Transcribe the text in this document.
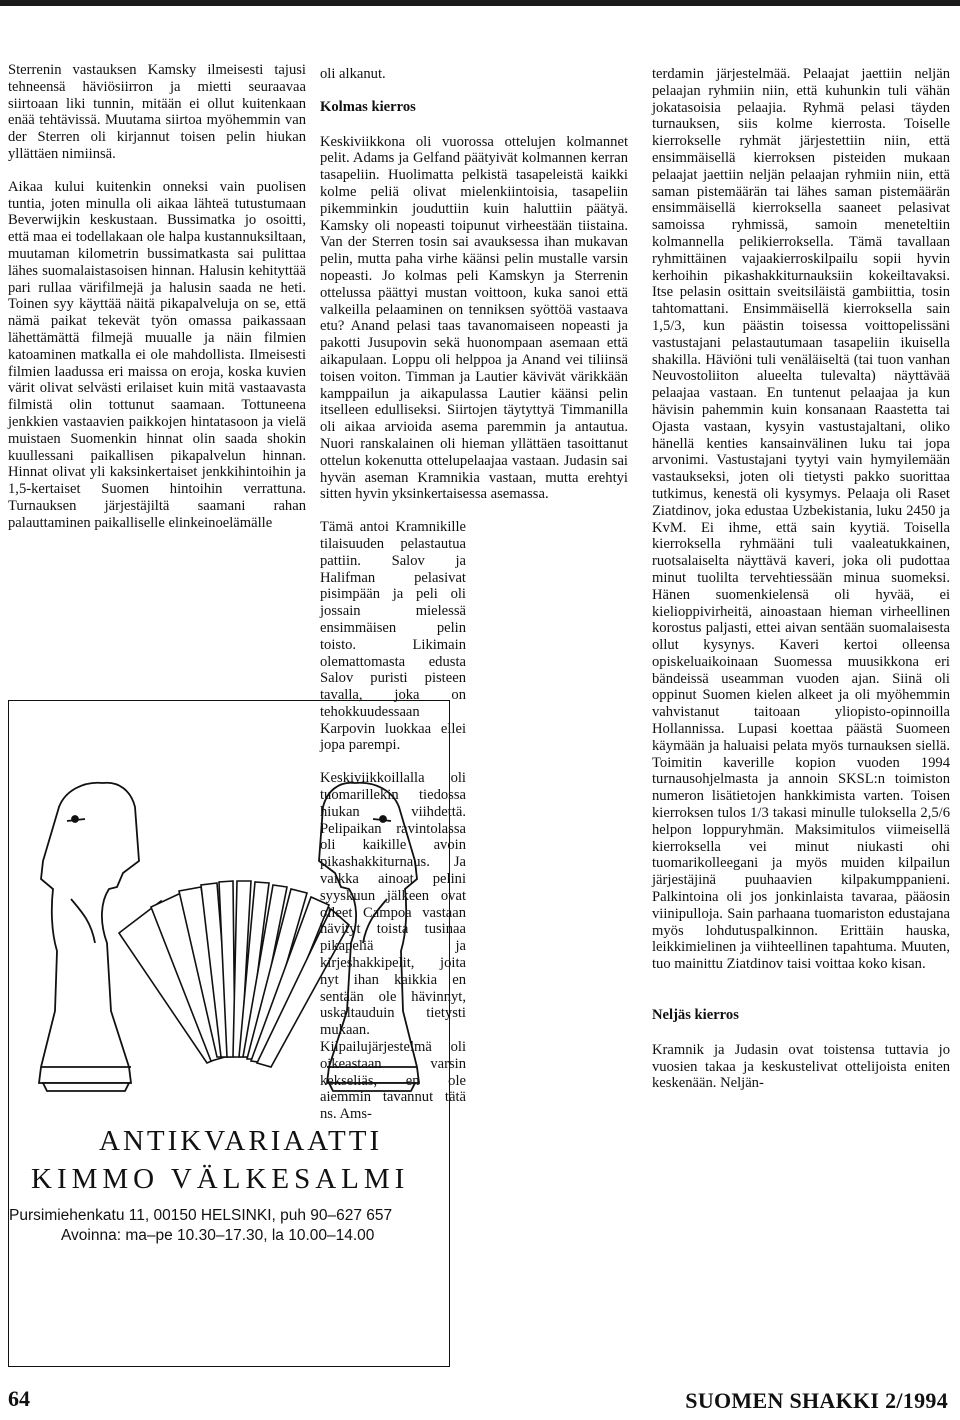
Sterrenin vastauksen Kamsky ilmeisesti tajusi tehneensä häviösiirron ja mietti seuraavaa siirtoaan liki tunnin, mitään ei ollut kuitenkaan enää tehtävissä. Muutama siirtoa myöhemmin van der Sterren oli kirjannut toisen pelin hiukan yllättäen nimiinsä.

Aikaa kului kuitenkin onneksi vain puolisen tuntia, joten minulla oli aikaa lähteä tutustumaan Beverwijkin keskustaan. Bussimatka jo osoitti, että maa ei todellakaan ole halpa kustannuksiltaan, muutaman kilometrin bussimatkasta sai pulittaa lähes suomalaistasoisen hinnan. Halusin kehityttää pari rullaa värifilmejä ja halusin saada ne heti. Toinen syy käyttää näitä pikapalveluja on se, että nämä paikat tekevät työn omassa paikassaan lähettämättä filmejä muualle ja näin filmien katoaminen matkalla ei ole mahdollista. Ilmeisesti filmien laadussa eri maissa on eroja, koska kuvien värit olivat selvästi erilaiset kuin mitä vastaavasta filmistä olin tottunut saamaan. Tottuneena jenkkien vastaavien paikkojen hintatasoon ja vielä muistaen Suomenkin hinnat olin saada shokin kuullessani paikallisen pikapalvelun hinnan. Hinnat olivat yli kaksinkertaiset jenkkihintoihin ja 1,5-kertaiset Suomen hintoihin verrattuna. Turnauksen järjestäjiltä saamani rahan palauttaminen paikalliselle elinkeinoelämälle

ANTIKVARIAATTI
KIMMO VÄLKESALMI
Pursimiehenkatu 11, 00150 HELSINKI, puh 90–627 657
Avoinna: ma–pe 10.30–17.30, la 10.00–14.00

oli alkanut.

Kolmas kierros

Keskiviikkona oli vuorossa ottelujen kolmannet pelit. Adams ja Gelfand päätyivät kolmannen kerran tasapeliin. Huolimatta pelkistä tasapeleistä kaikki kolme peliä olivat mielenkiintoisia, tasapeliin pikemminkin jouduttiin kuin haluttiin päätyä. Kamsky oli nopeasti toipunut virheestään tiistaina. Van der Sterren tosin sai avauksessa ihan mukavan pelin, mutta paha virhe käänsi pelin mustalle varsin nopeasti. Jo kolmas peli Kamskyn ja Sterrenin ottelussa päättyi mustan voittoon, kuka sanoi että valkeilla pelaaminen on tenniksen syöttöä vastaava etu? Anand pelasi taas tavanomaiseen nopeasti ja pakotti Jusupovin sekä huonompaan asemaan että aikapulaan. Loppu oli helppoa ja Anand vei tiliinsä toisen voiton. Timman ja Lautier kävivät värikkään kamppailun ja aikapulassa Lautier käänsi pelin itselleen edulliseksi. Siirtojen täytyttyä Timmanilla oli aikaa arvioida asema paremmin ja antautua. Nuori ranskalainen oli hieman yllättäen tasoittanut ottelun kokenutta ottelupelaajaa vastaan. Judasin sai hyvän aseman Kramnikia vastaan, mutta erehtyi sitten hyvin yksinkertaisessa asemassa.

Tämä antoi Kramnikille tilaisuuden pelastautua pattiin. Salov ja Halifman pelasivat pisimpään ja peli oli jossain mielessä ensimmäisen pelin toisto. Likimain olemattomasta edusta Salov puristi pisteen tavalla, joka on tehokkuudessaan Karpovin luokkaa ellei jopa parempi.

Keskiviikkoillalla oli tuomarillekin tiedossa hiukan viihdettä. Pelipaikan ravintolassa oli kaikille avoin pikashakkiturnaus. Ja vaikka ainoat pelini syyskuun jälkeen ovat olleet Campoa vastaan hävityt toista tusinaa pikapeliä ja kirjeshakkipelit, joita nyt ihan kaikkia en sentään ole hävinnyt, uskaltauduin tietysti mukaan. Kilpailujärjestelmä oli oikeastaan varsin kekseliäs, en ole aiemmin tavannut tätä ns. Ams-

terdamin järjestelmää. Pelaajat jaettiin neljän pelaajan ryhmiin niin, että kuhunkin tuli vähän jokatasoisia pelaajia. Ryhmä pelasi täyden turnauksen, siis kolme kierrosta. Toiselle kierrokselle ryhmät järjestettiin niin, että ensimmäisellä kierroksen pisteiden mukaan pelaajat jaettiin neljän pelaajan ryhmiin niin, että saman pistemäärän tai lähes saman pistemäärän ensimmäisellä kierroksella saaneet pelasivat samoissa ryhmissä, samoin meneteltiin kolmannella pelikierroksella. Tämä tavallaan ryhmittäinen vajaakierroskilpailu sopii hyvin kerhoihin pikashakkiturnauksiin kokeiltavaksi. Itse pelasin osittain sveitsiläistä gambiittia, tosin tahtomattani. Ensimmäisellä kierroksella sain 1,5/3, kun päästin toisessa voittopelissäni vastustajani pelastautumaan tasapeliin ikuisella shakilla. Häviöni tuli venäläiseltä (tai tuon vanhan Neuvostoliiton alueelta tulevalta) näyttävää pelaajaa vastaan. En tuntenut pelaajaa ja kun hävisin pahemmin kuin konsanaan Raastetta tai Ojasta vastaan, kysyin vastustajaltani, oliko hänellä kenties kansainvälinen luku tai jopa arvonimi. Vastustajani tyytyi vain hymyilemään vastaukseksi, joten oli tietysti pakko suorittaa tutkimus, kenestä oli kysymys. Pelaaja oli Raset Ziatdinov, joka edustaa Uzbekistania, luku 2450 ja KvM. Ei ihme, että sain kyytiä. Toisella kierroksella ryhmääni tuli vaaleatukkainen, ruotsalaiselta näyttävä kaveri, joka oli pudottaa minut tuolilta tervehtiessään minua suomeksi. Hänen suomenkielensä oli hyvää, ei kielioppivirheitä, ainoastaan hieman virheellinen korostus paljasti, ettei aivan sentään suomalaisesta ollut kysynys. Kaveri kertoi olleensa opiskeluaikoinaan Suomessa muusikkona eri bändeissä useamman vuoden ajan. Siinä oli oppinut Suomen kielen alkeet ja oli myöhemmin vahvistanut taitoaan yliopisto-opinnoilla Hollannissa. Lupasi koettaa päästä Suomeen käymään ja haluaisi pelata myös turnauksen siellä. Toimitin kaverille kopion vuoden 1994 turnausohjelmasta ja annoin SKSL:n toimiston numeron lisätietojen hankkimista varten. Toisen kierroksen tulos 1/3 takasi minulle tuloksella 2,5/6 helpon loppuryhmän. Maksimitulos viimeisellä kierroksella vei minut niukasti ohi tuomarikolleegani ja myös muiden kilpailun järjestäjinä puuhaavien kilpakumppanieni. Palkintoina oli jos jonkinlaista tavaraa, pääosin viinipulloja. Sain parhaana tuomariston edustajana myös lohdutuspalkinnon. Erittäin hauska, leikkimielinen ja viihteellinen tapahtuma. Muuten, tuo mainittu Ziatdinov taisi voittaa koko kisan.

Neljäs kierros

Kramnik ja Judasin ovat toistensa tuttavia jo vuosien takaa ja keskustelivat ottelijoista eniten keskenään. Neljän-

64	SUOMEN SHAKKI 2/1994
